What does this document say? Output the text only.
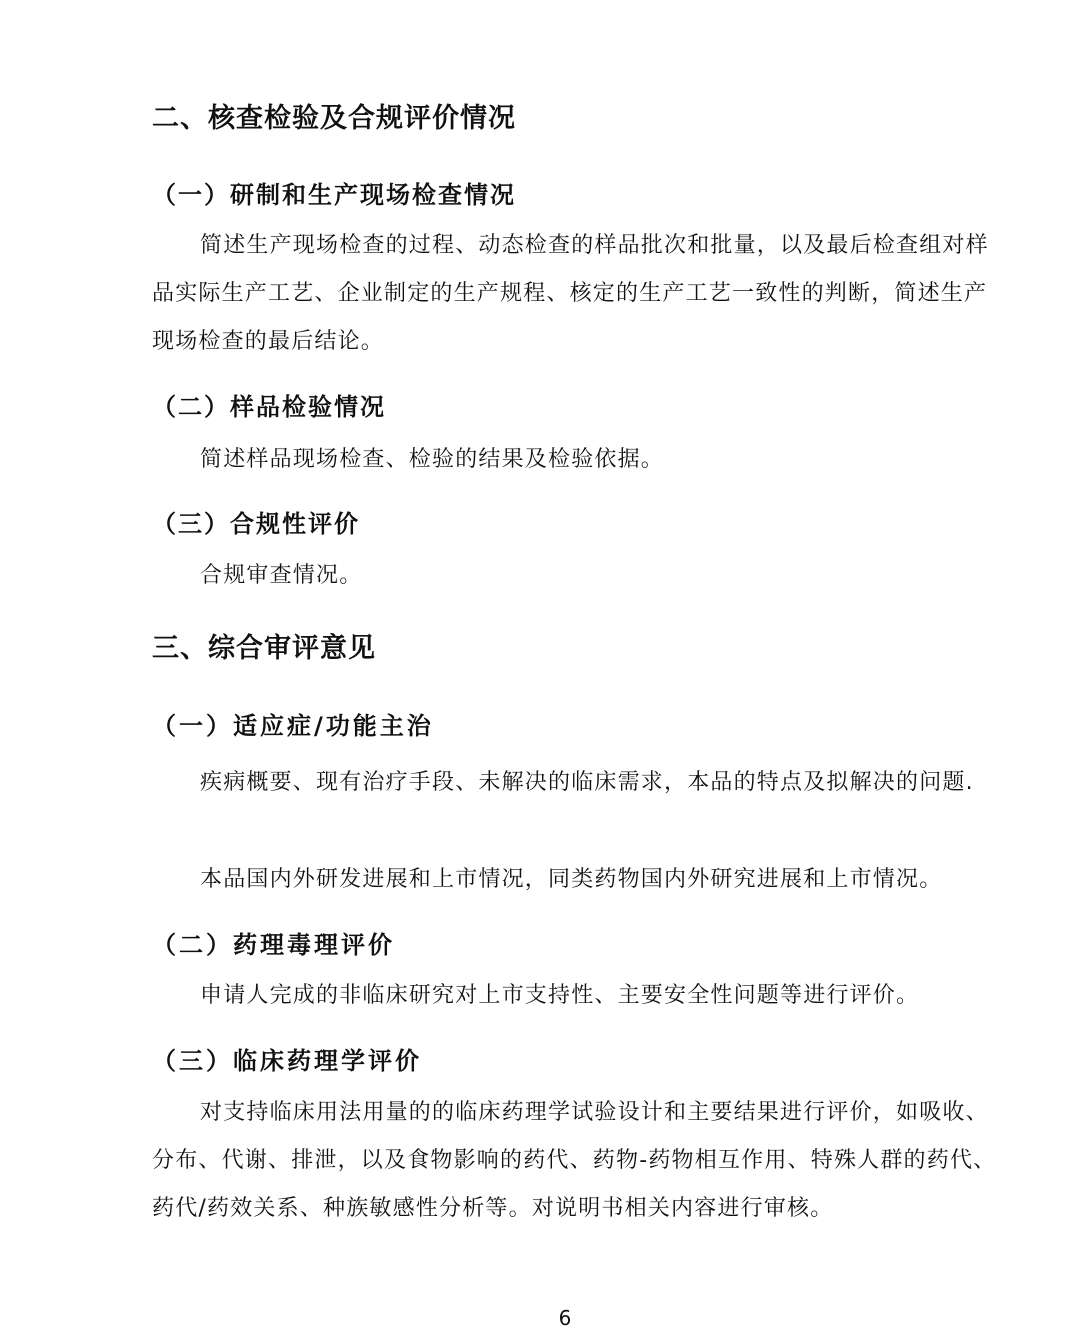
二、核查检验及合规评价情况
（一）研制和生产现场检查情况

简述生产现场检查的过程、动态检查的样品批次和批量，以及最后检查组对样品实际生产工艺、企业制定的生产规程、核定的生产工艺一致性的判断，简述生产现场检查的最后结论。

（二）样品检验情况

简述样品现场检查、检验的结果及检验依据。

（三）合规性评价

合规审查情况。

三、综合审评意见
（一）适应症/功能主治

疾病概要、现有治疗手段、未解决的临床需求，本品的特点及拟解决的问题.

本品国内外研发进展和上市情况，同类药物国内外研究进展和上市情况。

（二）药理毒理评价

申请人完成的非临床研究对上市支持性、主要安全性问题等进行评价。

（三）临床药理学评价

对支持临床用法用量的的临床药理学试验设计和主要结果进行评价，如吸收、分布、代谢、排泄，以及食物影响的药代、药物-药物相互作用、特殊人群的药代、药代/药效关系、种族敏感性分析等。对说明书相关内容进行审核。

6
